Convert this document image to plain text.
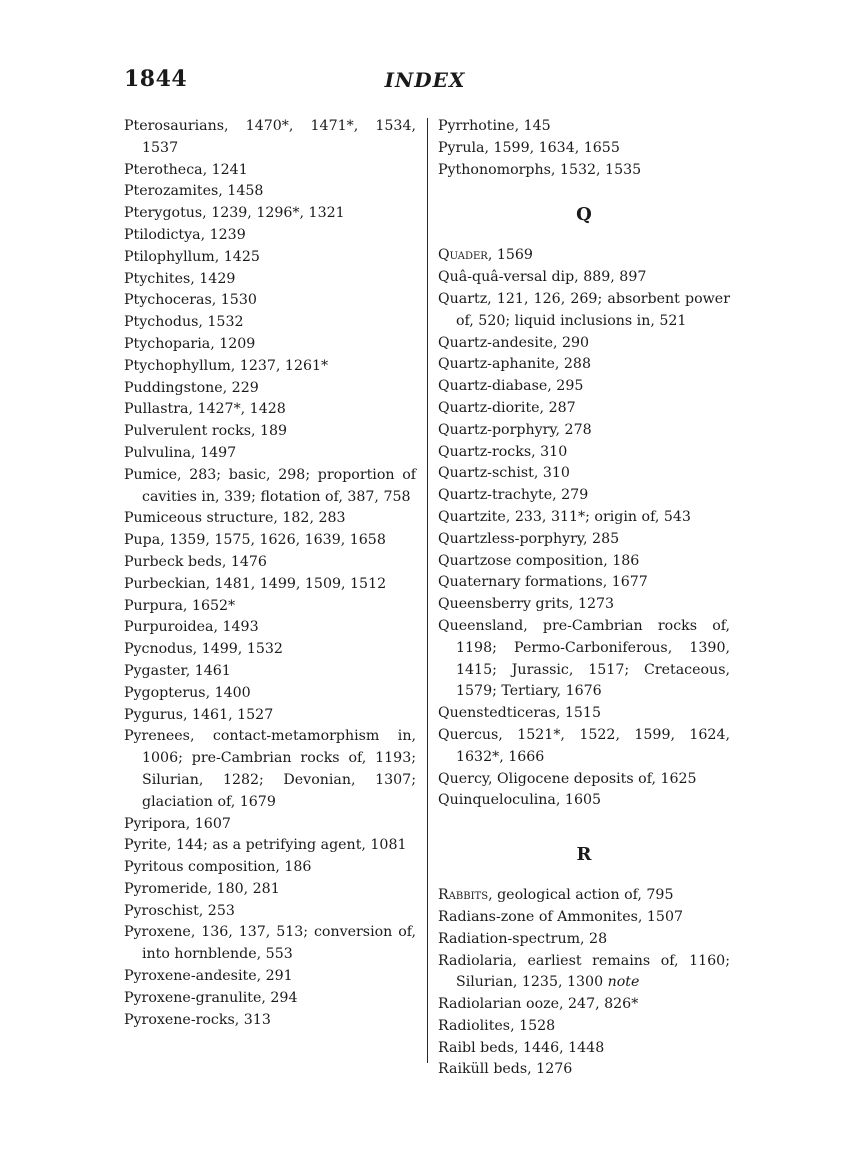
1844	INDEX
Pterosaurians, 1470*, 1471*, 1534, 1537
Pterotheca, 1241
Pterozamites, 1458
Pterygotus, 1239, 1296*, 1321
Ptilodictya, 1239
Ptilophyllum, 1425
Ptychites, 1429
Ptychoceras, 1530
Ptychodus, 1532
Ptychoparia, 1209
Ptychophyllum, 1237, 1261*
Puddingstone, 229
Pullastra, 1427*, 1428
Pulverulent rocks, 189
Pulvulina, 1497
Pumice, 283; basic, 298; proportion of cavities in, 339; flotation of, 387, 758
Pumiceous structure, 182, 283
Pupa, 1359, 1575, 1626, 1639, 1658
Purbeck beds, 1476
Purbeckian, 1481, 1499, 1509, 1512
Purpura, 1652*
Purpuroidea, 1493
Pycnodus, 1499, 1532
Pygaster, 1461
Pygopterus, 1400
Pygurus, 1461, 1527
Pyrenees, contact-metamorphism in, 1006; pre-Cambrian rocks of, 1193; Silurian, 1282; Devonian, 1307; glaciation of, 1679
Pyripora, 1607
Pyrite, 144; as a petrifying agent, 1081
Pyritous composition, 186
Pyromeride, 180, 281
Pyroschist, 253
Pyroxene, 136, 137, 513; conversion of, into hornblende, 553
Pyroxene-andesite, 291
Pyroxene-granulite, 294
Pyroxene-rocks, 313
Pyrrhotine, 145
Pyrula, 1599, 1634, 1655
Pythonomorphs, 1532, 1535
Q
Quader, 1569
Quâ-quâ-versal dip, 889, 897
Quartz, 121, 126, 269; absorbent power of, 520; liquid inclusions in, 521
Quartz-andesite, 290
Quartz-aphanite, 288
Quartz-diabase, 295
Quartz-diorite, 287
Quartz-porphyry, 278
Quartz-rocks, 310
Quartz-schist, 310
Quartz-trachyte, 279
Quartzite, 233, 311*; origin of, 543
Quartzless-porphyry, 285
Quartzose composition, 186
Quaternary formations, 1677
Queensberry grits, 1273
Queensland, pre-Cambrian rocks of, 1198; Permo-Carboniferous, 1390, 1415; Jurassic, 1517; Cretaceous, 1579; Tertiary, 1676
Quenstedticeras, 1515
Quercus, 1521*, 1522, 1599, 1624, 1632*, 1666
Quercy, Oligocene deposits of, 1625
Quinqueloculina, 1605
R
Rabbits, geological action of, 795
Radians-zone of Ammonites, 1507
Radiation-spectrum, 28
Radiolaria, earliest remains of, 1160; Silurian, 1235, 1300 note
Radiolarian ooze, 247, 826*
Radiolites, 1528
Raibl beds, 1446, 1448
Raiküll beds, 1276
